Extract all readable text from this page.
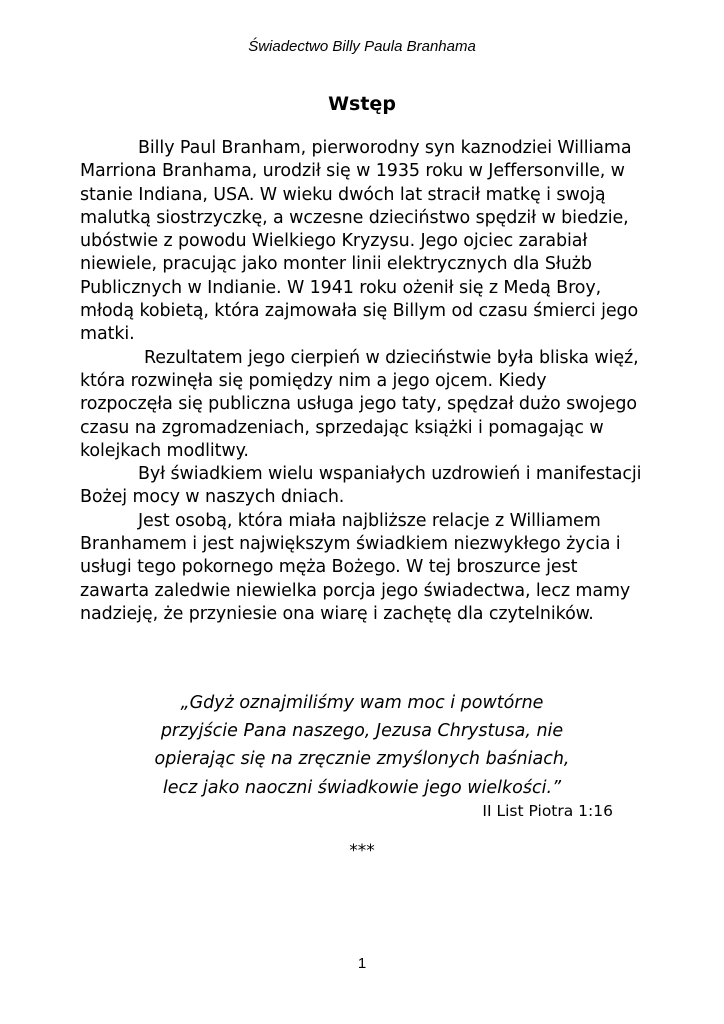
Świadectwo Billy Paula Branhama
Wstęp

Billy Paul Branham, pierworodny syn kaznodziei Williama Marriona Branhama, urodził się w 1935 roku w Jeffersonville, w stanie Indiana, USA. W wieku dwóch lat stracił matkę i swoją malutką siostrzyczkę, a wczesne dzieciństwo spędził w biedzie, ubóstwie z powodu Wielkiego Kryzysu. Jego ojciec zarabiał niewiele, pracując jako monter linii elektrycznych dla Służb Publicznych w Indianie. W 1941 roku ożenił się z Medą Broy, młodą kobietą, która zajmowała się Billym od czasu śmierci jego matki.

Rezultatem jego cierpień w dzieciństwie była bliska więź, która rozwinęła się pomiędzy nim a jego ojcem. Kiedy rozpoczęła się publiczna usługa jego taty, spędzał dużo swojego czasu na zgromadzeniach, sprzedając książki i pomagając w kolejkach modlitwy.

Był świadkiem wielu wspaniałych uzdrowień i manifestacji Bożej mocy w naszych dniach.

Jest osobą, która miała najbliższe relacje z Williamem Branhamem i jest największym świadkiem niezwykłego życia i usługi tego pokornego męża Bożego. W tej broszurce jest zawarta zaledwie niewielka porcja jego świadectwa, lecz mamy nadzieję, że przyniesie ona wiarę i zachętę dla czytelników.

„Gdyż oznajmiliśmy wam moc i powtórne
przyjście Pana naszego, Jezusa Chrystusa, nie
opierając się na zręcznie zmyślonych baśniach,
lecz jako naoczni świadkowie jego wielkości.”
II List Piotra 1:16
***
1
